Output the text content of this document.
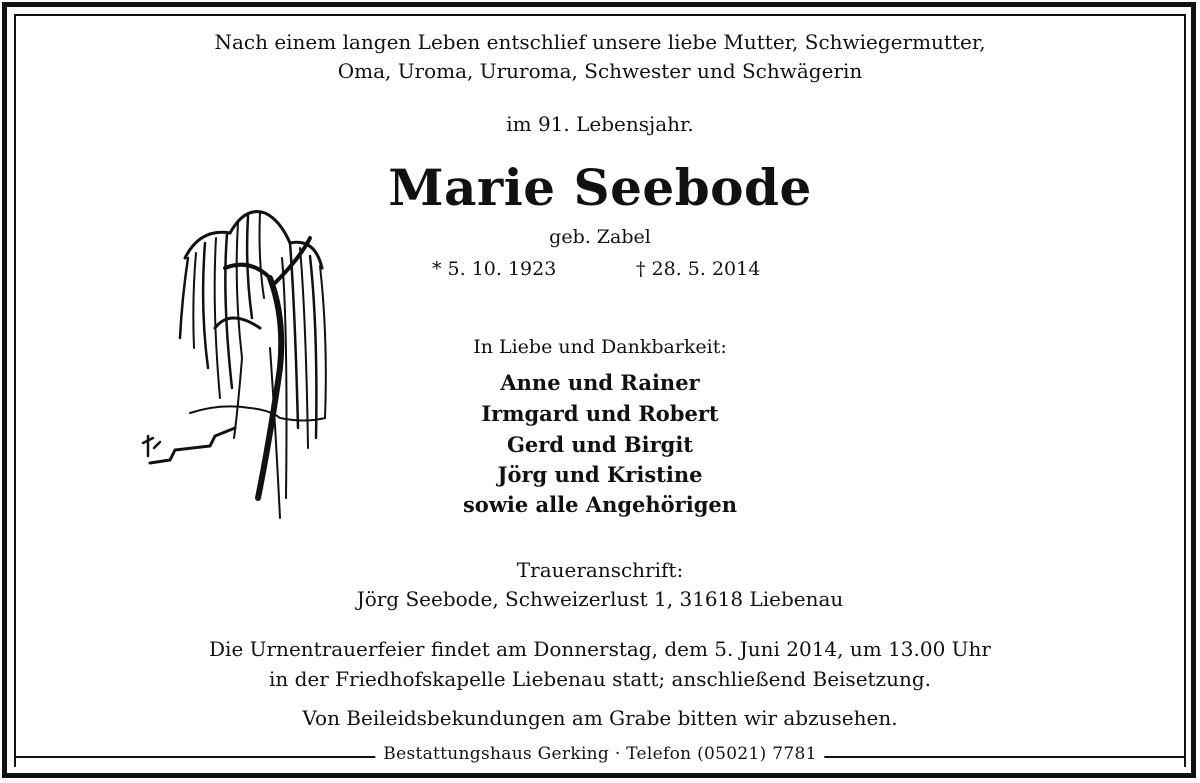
Nach einem langen Leben entschlief unsere liebe Mutter, Schwiegermutter,
Oma, Uroma, Ururoma, Schwester und Schwägerin
im 91. Lebensjahr.
Marie Seebode
geb. Zabel
* 5. 10. 1923	† 28. 5. 2014
In Liebe und Dankbarkeit:
Anne und Rainer
Irmgard und Robert
Gerd und Birgit
Jörg und Kristine
sowie alle Angehörigen
Traueranschrift:
Jörg Seebode, Schweizerlust 1, 31618 Liebenau
Die Urnentrauerfeier findet am Donnerstag, dem 5. Juni 2014, um 13.00 Uhr
in der Friedhofskapelle Liebenau statt; anschließend Beisetzung.
Von Beileidsbekundungen am Grabe bitten wir abzusehen.
Bestattungshaus Gerking · Telefon (05021) 7781
